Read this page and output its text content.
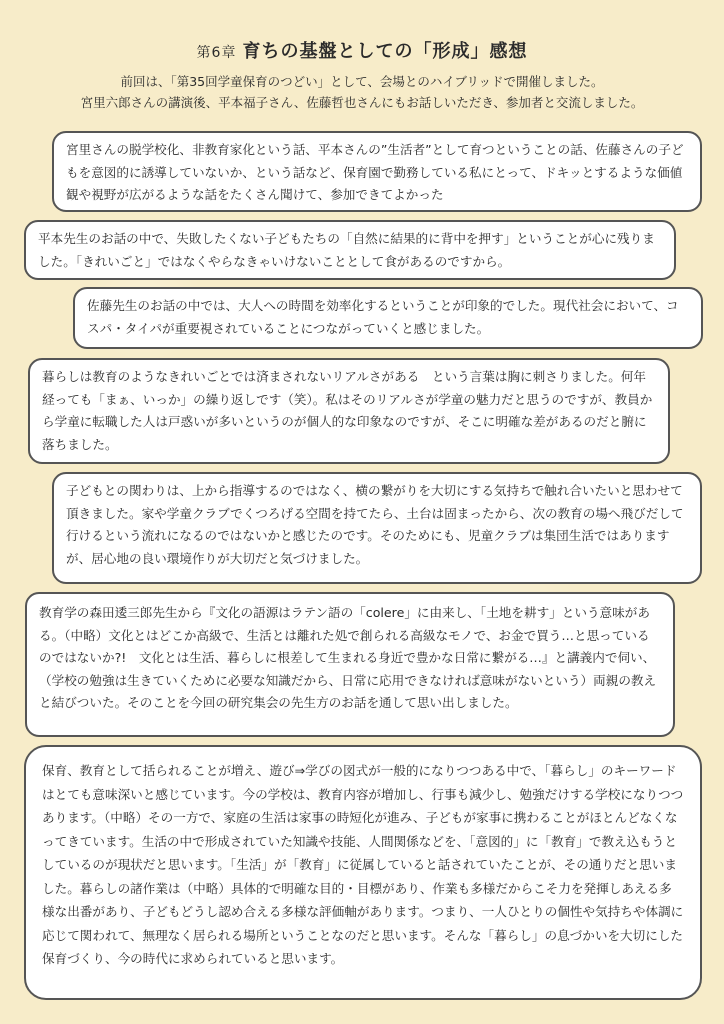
第6章 育ちの基盤としての「形成」感想
前回は、「第35回学童保育のつどい」として、会場とのハイブリッドで開催しました。
宮里六郎さんの講演後、平本福子さん、佐藤哲也さんにもお話しいただき、参加者と交流しました。

宮里さんの脱学校化、非教育家化という話、平本さんの”生活者”として育つということの話、佐藤さんの子どもを意図的に誘導していないか、という話など、保育園で勤務している私にとって、ドキッとするような価値観や視野が広がるような話をたくさん聞けて、参加できてよかった

平本先生のお話の中で、失敗したくない子どもたちの「自然に結果的に背中を押す」ということが心に残りました。「きれいごと」ではなくやらなきゃいけないこととして食があるのですから。

佐藤先生のお話の中では、大人への時間を効率化するということが印象的でした。現代社会において、コスパ・タイパが重要視されていることにつながっていくと感じました。

暮らしは教育のようなきれいごとでは済まされないリアルさがある　という言葉は胸に刺さりました。何年経っても「まぁ、いっか」の繰り返しです（笑）。私はそのリアルさが学童の魅力だと思うのですが、教員から学童に転職した人は戸惑いが多いというのが個人的な印象なのですが、そこに明確な差があるのだと腑に落ちました。

子どもとの関わりは、上から指導するのではなく、横の繋がりを大切にする気持ちで触れ合いたいと思わせて頂きました。家や学童クラブでくつろげる空間を持てたら、土台は固まったから、次の教育の場へ飛びだして行けるという流れになるのではないかと感じたのです。そのためにも、児童クラブは集団生活ではありますが、居心地の良い環境作りが大切だと気づけました。

教育学の森田逶三郎先生から『文化の語源はラテン語の「colere」に由来し、「土地を耕す」という意味がある。（中略）文化とはどこか高級で、生活とは離れた処で創られる高級なモノで、お金で買う…と思っているのではないか?!　文化とは生活、暮らしに根差して生まれる身近で豊かな日常に繋がる…』と講義内で伺い、（学校の勉強は生きていくために必要な知識だから、日常に応用できなければ意味がないという）両親の教えと結びついた。そのことを今回の研究集会の先生方のお話を通して思い出しました。

保育、教育として括られることが増え、遊び⇒学びの図式が一般的になりつつある中で、「暮らし」のキーワードはとても意味深いと感じています。今の学校は、教育内容が増加し、行事も減少し、勉強だけする学校になりつつあります。（中略）その一方で、家庭の生活は家事の時短化が進み、子どもが家事に携わることがほとんどなくなってきています。生活の中で形成されていた知識や技能、人間関係などを、「意図的」に「教育」で教え込もうとしているのが現状だと思います。「生活」が「教育」に従属していると話されていたことが、その通りだと思いました。暮らしの諸作業は（中略）具体的で明確な目的・目標があり、作業も多様だからこそ力を発揮しあえる多様な出番があり、子どもどうし認め合える多様な評価軸があります。つまり、一人ひとりの個性や気持ちや体調に応じて関われて、無理なく居られる場所ということなのだと思います。そんな「暮らし」の息づかいを大切にした保育づくり、今の時代に求められていると思います。
